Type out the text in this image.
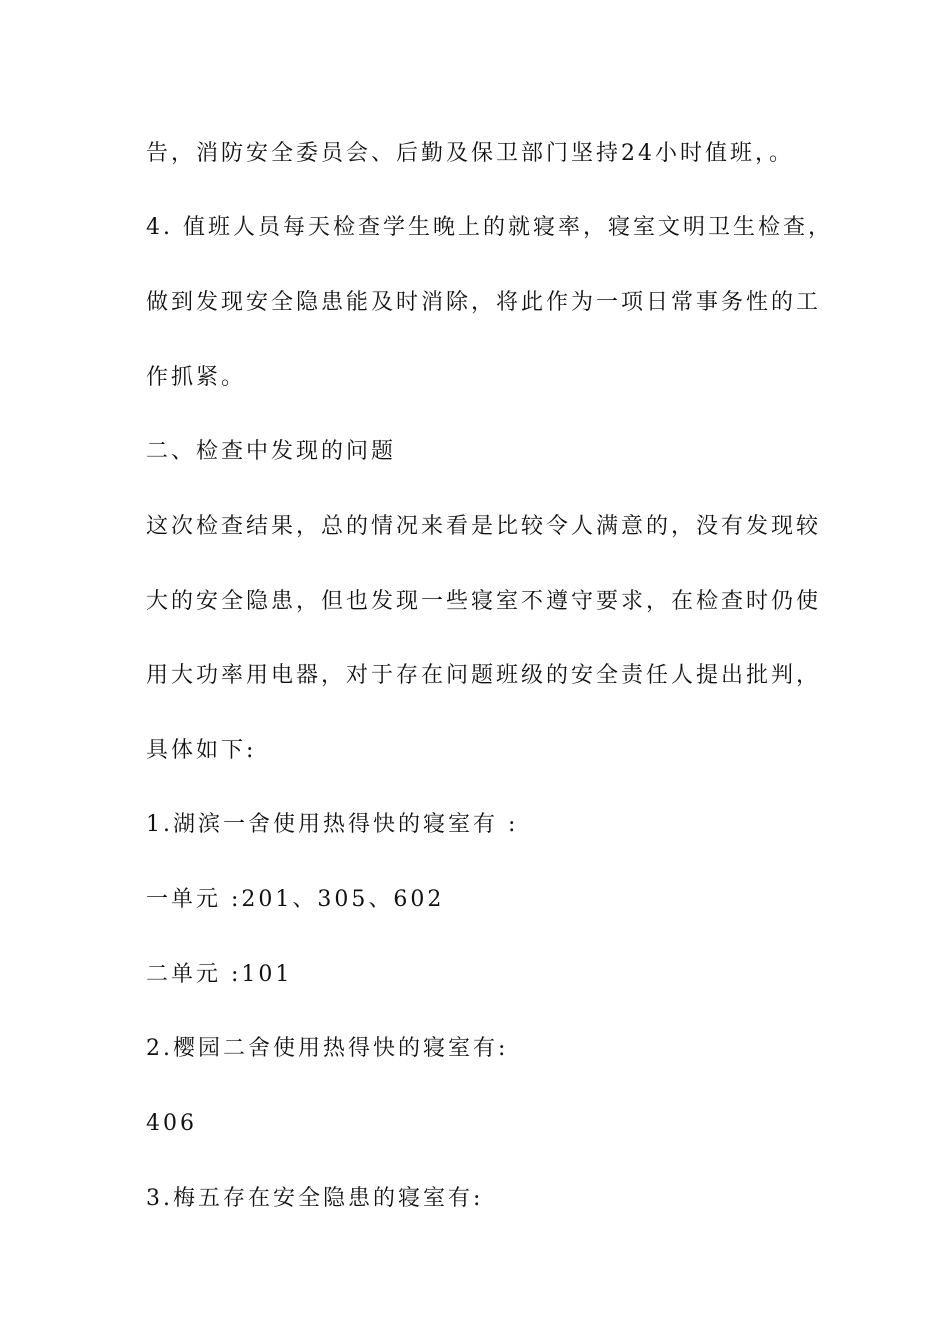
告，消防安全委员会、后勤及保卫部门坚持24小时值班，。
4. 值班人员每天检查学生晚上的就寝率，寝室文明卫生检查，
做到发现安全隐患能及时消除，将此作为一项日常事务性的工
作抓紧。
二、检查中发现的问题
这次检查结果，总的情况来看是比较令人满意的，没有发现较
大的安全隐患，但也发现一些寝室不遵守要求，在检查时仍使
用大功率用电器，对于存在问题班级的安全责任人提出批判，
具体如下:
1.湖滨一舍使用热得快的寝室有 :
一单元 :201、305、602
二单元 :101
2.樱园二舍使用热得快的寝室有:
406
3.梅五存在安全隐患的寝室有:
